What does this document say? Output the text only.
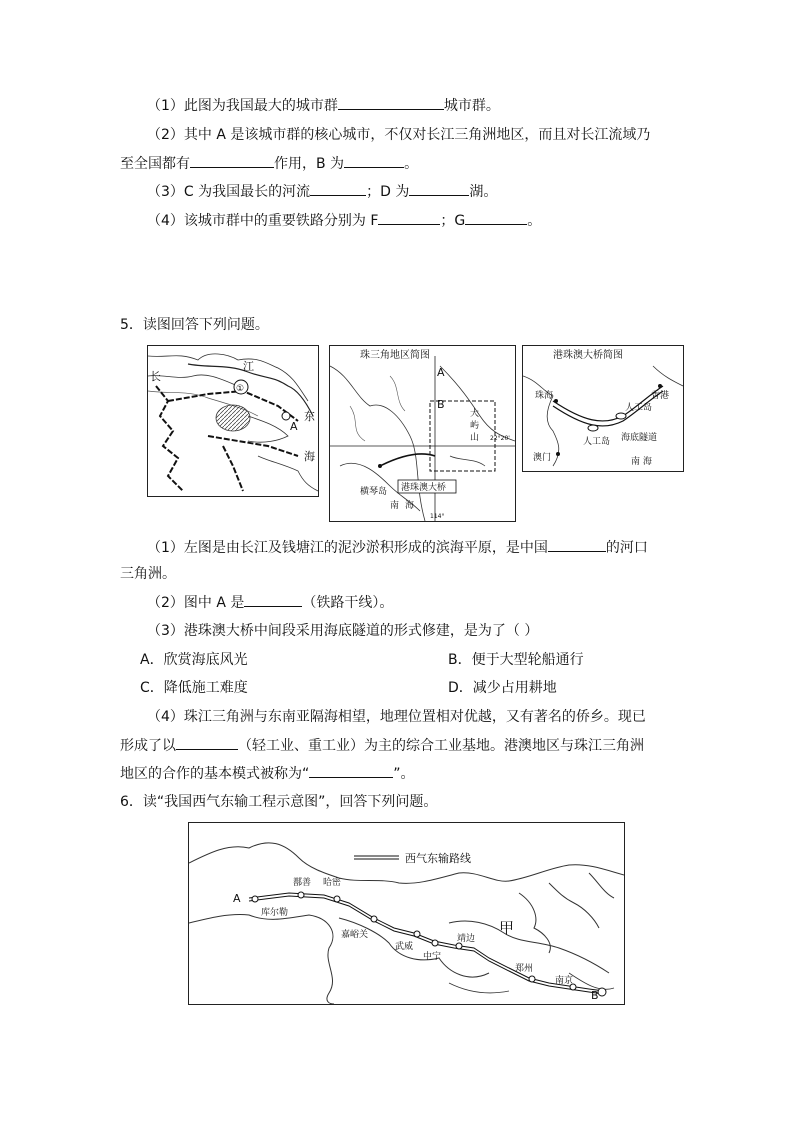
（1）此图为我国最大的城市群	城市群。
（2）其中 A 是该城市群的核心城市，不仅对长江三角洲地区，而且对长江流域乃
至全国都有	作用，B 为	。
（3）C 为我国最长的河流	；D 为	湖。
（4）该城市群中的重要铁路分别为 F	；G	。
5．读图回答下列问题。
长
江
①
A
东
海
珠三角地区简图
A
B
大
屿
山 22°20'
横琴岛
南 海
114°
港珠澳大桥
港珠澳大桥简图
珠海	香港
人工岛
人工岛 海底隧道
澳门	南 海
（1）左图是由长江及钱塘江的泥沙淤积形成的滨海平原，是中国	的河口
三角洲。
（2）图中 A 是	（铁路干线）。
（3）港珠澳大桥中间段采用海底隧道的形式修建，是为了（ ）
A．欣赏海底风光	B．便于大型轮船通行
C．降低施工难度	D．减少占用耕地
（4）珠江三角洲与东南亚隔海相望，地理位置相对优越，又有著名的侨乡。现已
形成了以	（轻工业、重工业）为主的综合工业基地。港澳地区与珠江三角洲
地区的合作的基本模式被称为“	”。
6．读“我国西气东输工程示意图”，回答下列问题。
西气东输路线
A
鄯善 哈密
库尔勒
嘉峪关
武威
中宁
靖边
甲
郑州
南京
B
